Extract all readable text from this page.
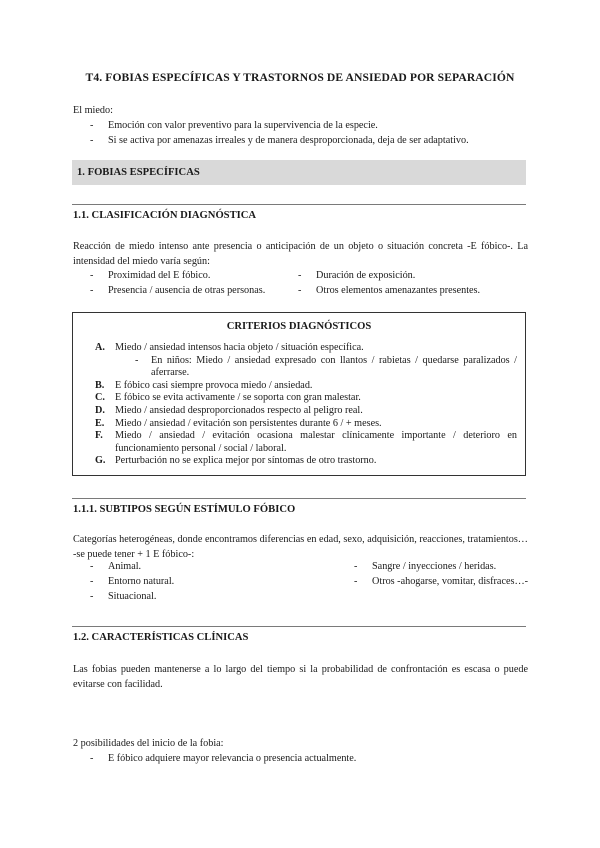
T4. FOBIAS ESPECÍFICAS Y TRASTORNOS DE ANSIEDAD POR SEPARACIÓN
El miedo:
- Emoción con valor preventivo para la supervivencia de la especie.
- Si se activa por amenazas irreales y de manera desproporcionada, deja de ser adaptativo.
1. FOBIAS ESPECÍFICAS
1.1. CLASIFICACIÓN DIAGNÓSTICA
Reacción de miedo intenso ante presencia o anticipación de un objeto o situación concreta -E fóbico-. La intensidad del miedo varía según:
- Proximidad del E fóbico.
- Presencia / ausencia de otras personas.
- Duración de exposición.
- Otros elementos amenazantes presentes.
CRITERIOS DIAGNÓSTICOS
A. Miedo / ansiedad intensos hacia objeto / situación específica.
- En niños: Miedo / ansiedad expresado con llantos / rabietas / quedarse paralizados / aferrarse.
B. E fóbico casi siempre provoca miedo / ansiedad.
C. E fóbico se evita activamente / se soporta con gran malestar.
D. Miedo / ansiedad desproporcionados respecto al peligro real.
E. Miedo / ansiedad / evitación son persistentes durante 6 / + meses.
F. Miedo / ansiedad / evitación ocasiona malestar clínicamente importante / deterioro en funcionamiento personal / social / laboral.
G. Perturbación no se explica mejor por síntomas de otro trastorno.
1.1.1. SUBTIPOS SEGÚN ESTÍMULO FÓBICO
Categorías heterogéneas, donde encontramos diferencias en edad, sexo, adquisición, reacciones, tratamientos… -se puede tener + 1 E fóbico-:
- Animal.
- Entorno natural.
- Situacional.
- Sangre / inyecciones / heridas.
- Otros -ahogarse, vomitar, disfraces…-
1.2. CARACTERÍSTICAS CLÍNICAS
Las fobias pueden mantenerse a lo largo del tiempo si la probabilidad de confrontación es escasa o puede evitarse con facilidad.
2 posibilidades del inicio de la fobia:
- E fóbico adquiere mayor relevancia o presencia actualmente.
